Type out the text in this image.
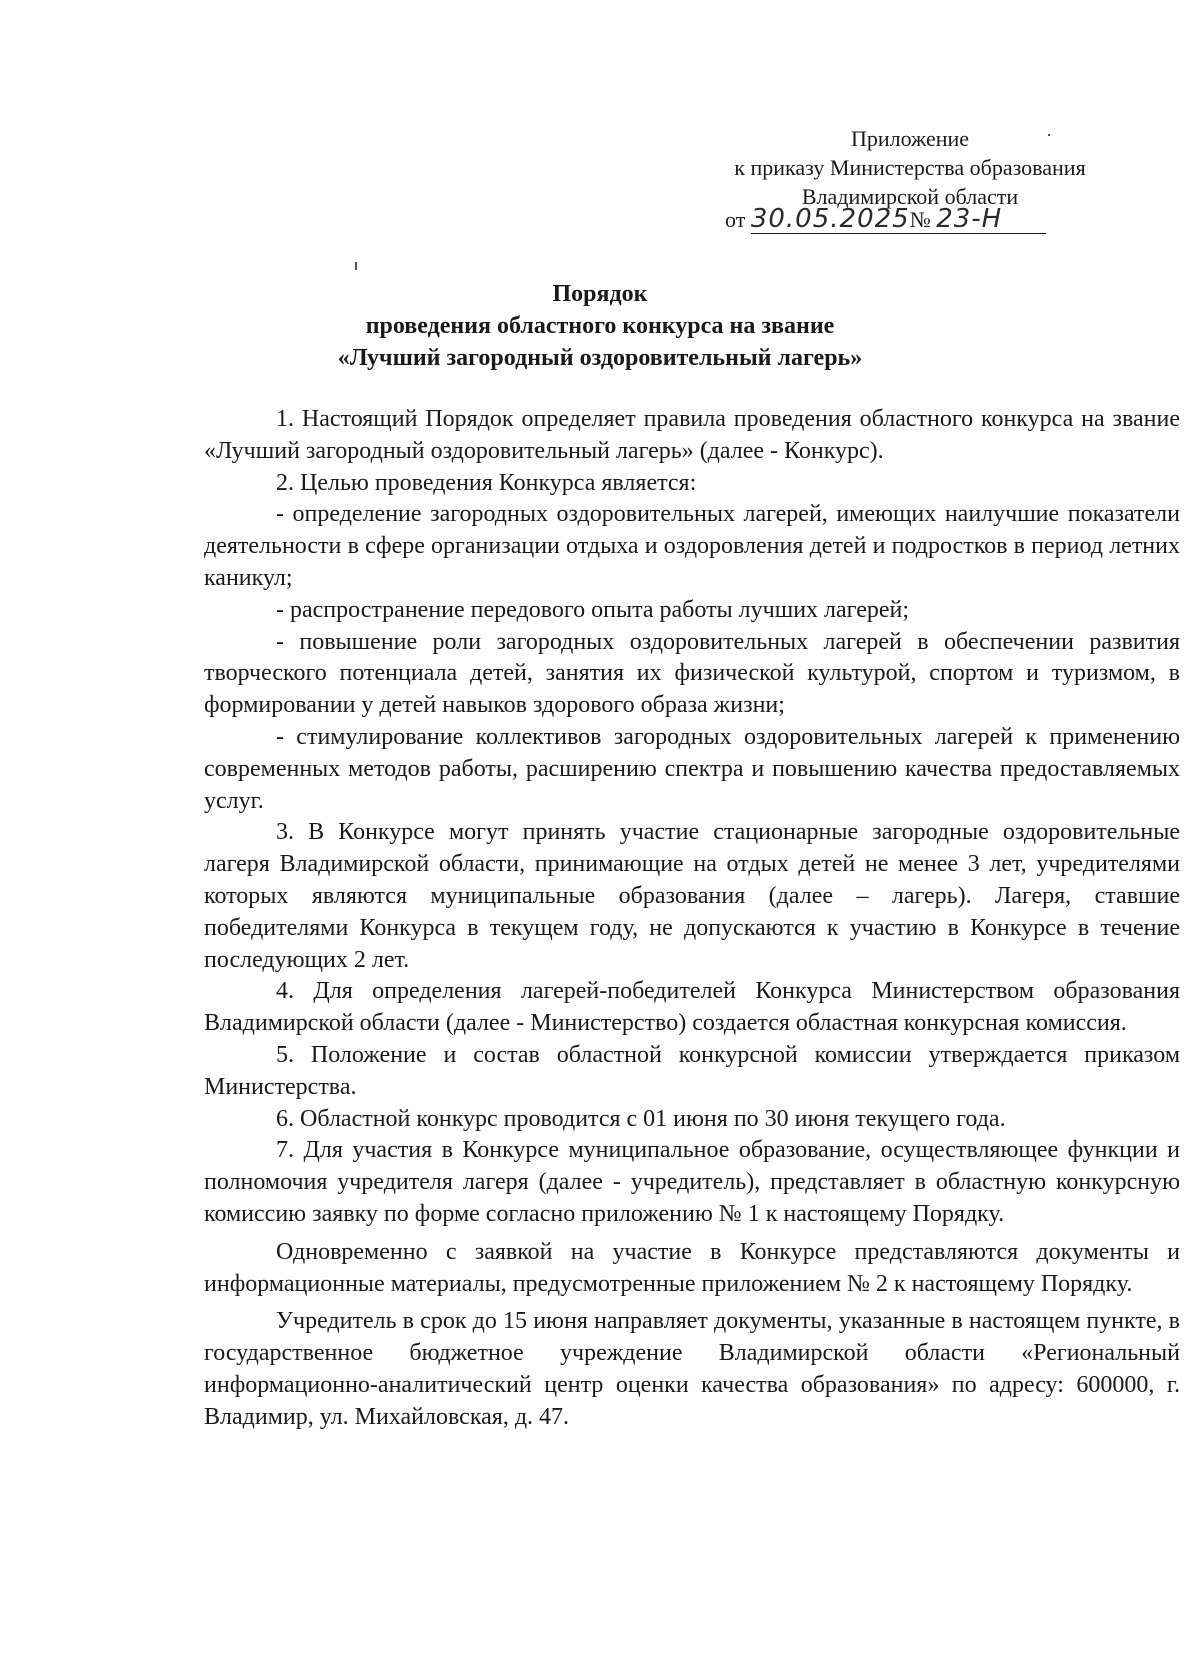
Приложение
к приказу Министерства образования
Владимирской области
от 30.05.2025№ 23-Н
Порядок
проведения областного конкурса на звание
«Лучший загородный оздоровительный лагерь»

1. Настоящий Порядок определяет правила проведения областного конкурса на звание «Лучший загородный оздоровительный лагерь» (далее - Конкурс).

2. Целью проведения Конкурса является:

- определение загородных оздоровительных лагерей, имеющих наилучшие показатели деятельности в сфере организации отдыха и оздоровления детей и подростков в период летних каникул;

- распространение передового опыта работы лучших лагерей;

- повышение роли загородных оздоровительных лагерей в обеспечении развития творческого потенциала детей, занятия их физической культурой, спортом и туризмом, в формировании у детей навыков здорового образа жизни;

- стимулирование коллективов загородных оздоровительных лагерей к применению современных методов работы, расширению спектра и повышению качества предоставляемых услуг.

3. В Конкурсе могут принять участие стационарные загородные оздоровительные лагеря Владимирской области, принимающие на отдых детей не менее 3 лет, учредителями которых являются муниципальные образования (далее – лагерь). Лагеря, ставшие победителями Конкурса в текущем году, не допускаются к участию в Конкурсе в течение последующих 2 лет.

4. Для определения лагерей-победителей Конкурса Министерством образования Владимирской области (далее - Министерство) создается областная конкурсная комиссия.

5. Положение и состав областной конкурсной комиссии утверждается приказом Министерства.

6. Областной конкурс проводится с 01 июня по 30 июня текущего года.

7. Для участия в Конкурсе муниципальное образование, осуществляющее функции и полномочия учредителя лагеря (далее - учредитель), представляет в областную конкурсную комиссию заявку по форме согласно приложению № 1 к настоящему Порядку.

Одновременно с заявкой на участие в Конкурсе представляются документы и информационные материалы, предусмотренные приложением № 2 к настоящему Порядку.

Учредитель в срок до 15 июня направляет документы, указанные в настоящем пункте, в государственное бюджетное учреждение Владимирской области «Региональный информационно-аналитический центр оценки качества образования» по адресу: 600000, г. Владимир, ул. Михайловская, д. 47.
